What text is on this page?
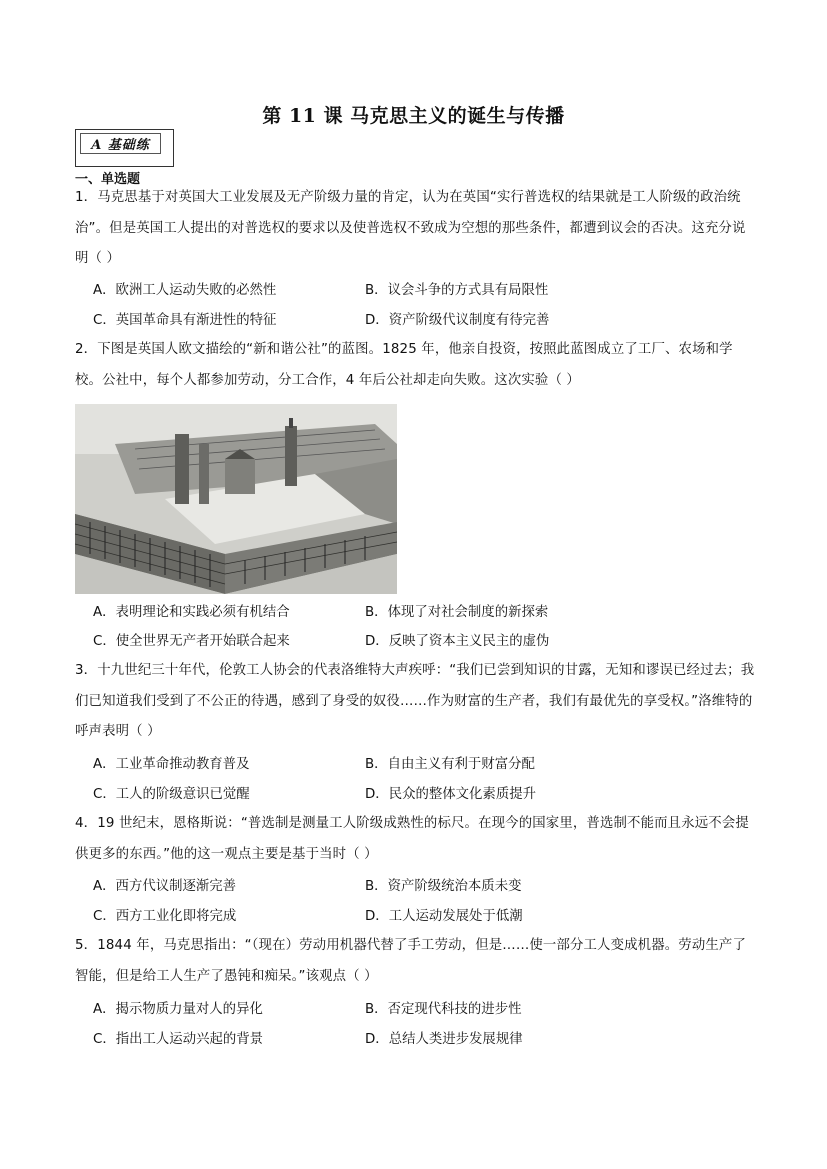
第 11 课 马克思主义的诞生与传播
A 基础练
一、单选题
1．马克思基于对英国大工业发展及无产阶级力量的肯定，认为在英国“实行普选权的结果就是工人阶级的政治统治”。但是英国工人提出的对普选权的要求以及使普选权不致成为空想的那些条件，都遭到议会的否决。这充分说明（ ）
A．欧洲工人运动失败的必然性	B．议会斗争的方式具有局限性
C．英国革命具有渐进性的特征	D．资产阶级代议制度有待完善
2．下图是英国人欧文描绘的“新和谐公社”的蓝图。1825 年，他亲自投资，按照此蓝图成立了工厂、农场和学校。公社中，每个人都参加劳动，分工合作，4 年后公社却走向失败。这次实验（ ）
A．表明理论和实践必须有机结合	B．体现了对社会制度的新探索
C．使全世界无产者开始联合起来	D．反映了资本主义民主的虚伪
3．十九世纪三十年代，伦敦工人协会的代表洛维特大声疾呼：“我们已尝到知识的甘露，无知和谬误已经过去；我们已知道我们受到了不公正的待遇，感到了身受的奴役……作为财富的生产者，我们有最优先的享受权。”洛维特的呼声表明（ ）
A．工业革命推动教育普及	B．自由主义有利于财富分配
C．工人的阶级意识已觉醒	D．民众的整体文化素质提升
4．19 世纪末，恩格斯说：“普选制是测量工人阶级成熟性的标尺。在现今的国家里，普选制不能而且永远不会提供更多的东西。”他的这一观点主要是基于当时（ ）
A．西方代议制逐渐完善	B．资产阶级统治本质未变
C．西方工业化即将完成	D．工人运动发展处于低潮
5．1844 年，马克思指出：“（现在）劳动用机器代替了手工劳动，但是……使一部分工人变成机器。劳动生产了智能，但是给工人生产了愚钝和痴呆。”该观点（ ）
A．揭示物质力量对人的异化	B．否定现代科技的进步性
C．指出工人运动兴起的背景	D．总结人类进步发展规律
